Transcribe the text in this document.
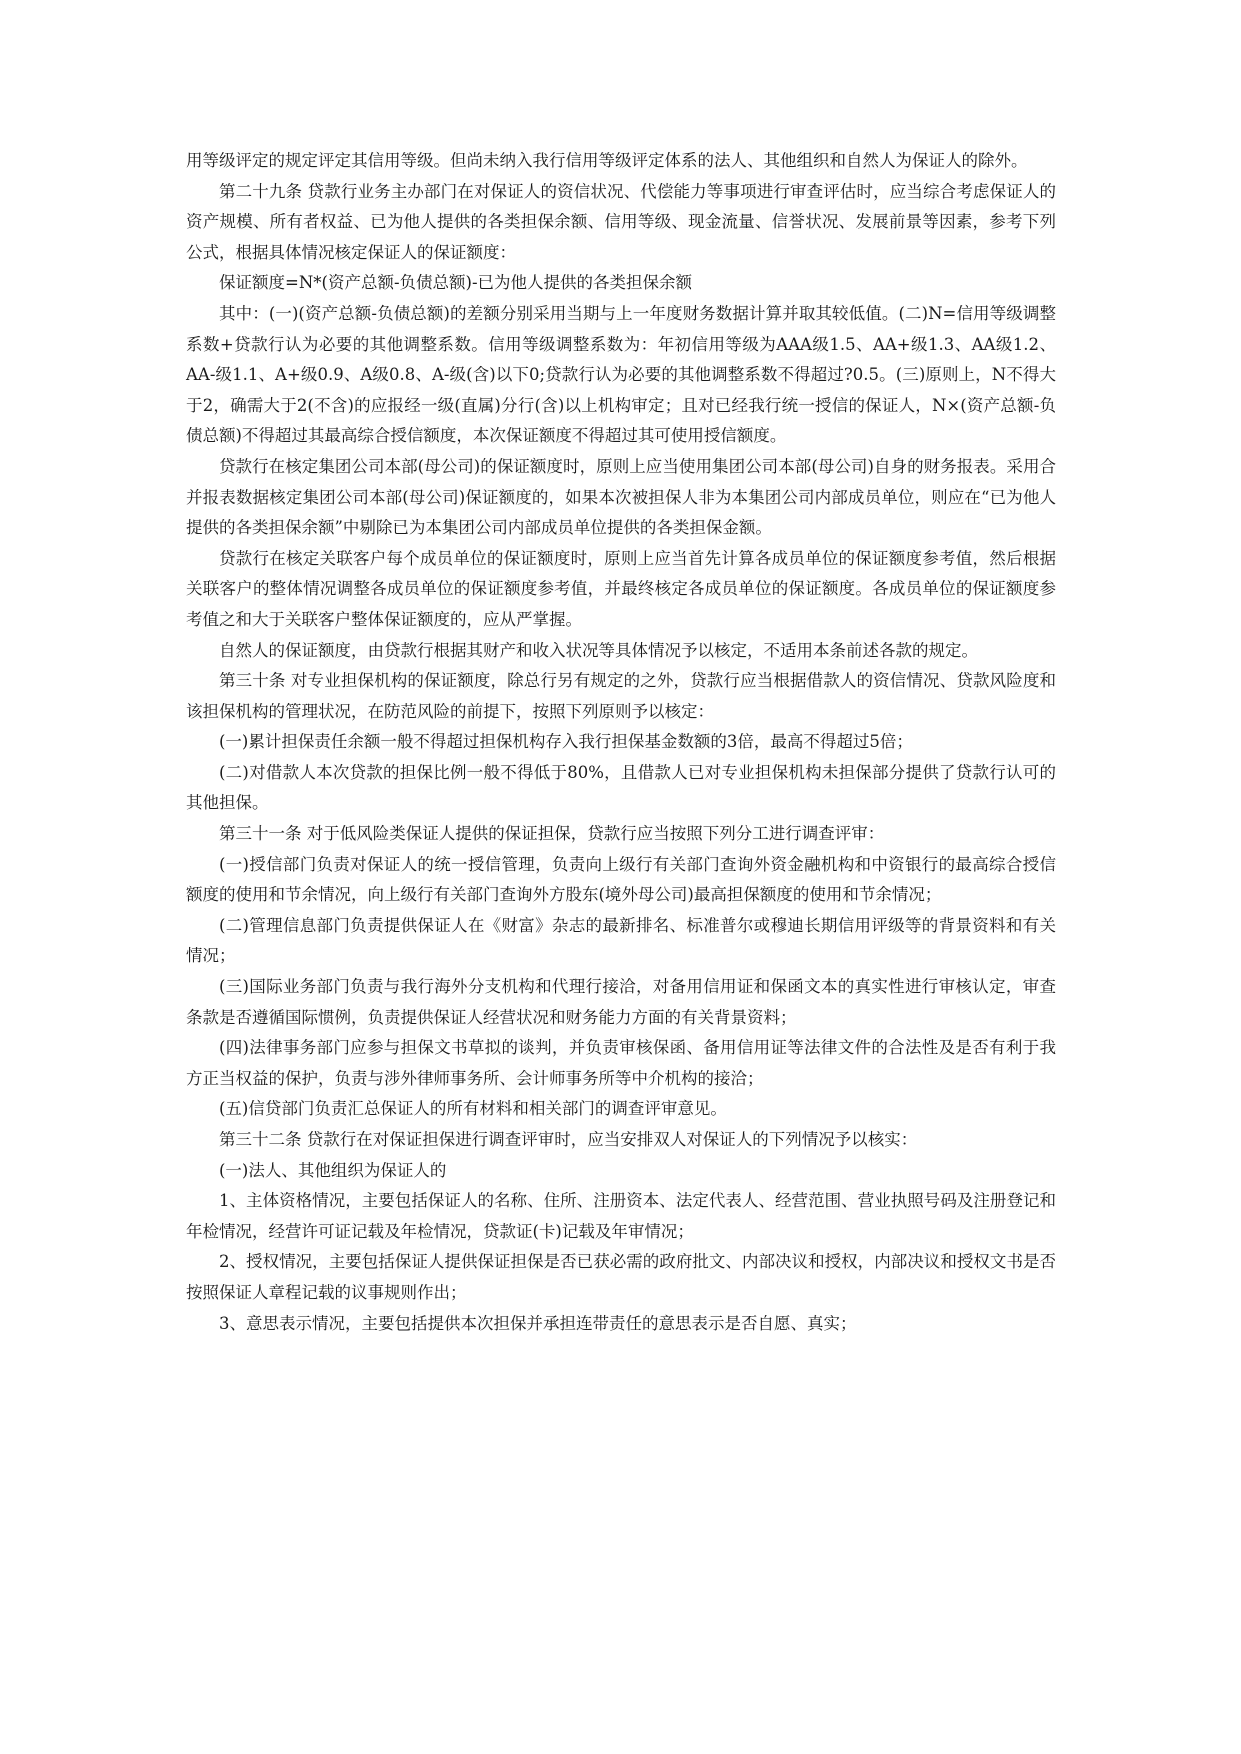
用等级评定的规定评定其信用等级。但尚未纳入我行信用等级评定体系的法人、其他组织和自然人为保证人的除外。

第二十九条 贷款行业务主办部门在对保证人的资信状况、代偿能力等事项进行审查评估时，应当综合考虑保证人的资产规模、所有者权益、已为他人提供的各类担保余额、信用等级、现金流量、信誉状况、发展前景等因素，参考下列公式，根据具体情况核定保证人的保证额度：

保证额度=N*(资产总额-负债总额)-已为他人提供的各类担保余额

其中：(一)(资产总额-负债总额)的差额分别采用当期与上一年度财务数据计算并取其较低值。(二)N=信用等级调整系数+贷款行认为必要的其他调整系数。信用等级调整系数为：年初信用等级为AAA级1.5、AA+级1.3、AA级1.2、AA-级1.1、A+级0.9、A级0.8、A-级(含)以下0;贷款行认为必要的其他调整系数不得超过?0.5。(三)原则上，N不得大于2，确需大于2(不含)的应报经一级(直属)分行(含)以上机构审定；且对已经我行统一授信的保证人，N×(资产总额-负债总额)不得超过其最高综合授信额度，本次保证额度不得超过其可使用授信额度。

贷款行在核定集团公司本部(母公司)的保证额度时，原则上应当使用集团公司本部(母公司)自身的财务报表。采用合并报表数据核定集团公司本部(母公司)保证额度的，如果本次被担保人非为本集团公司内部成员单位，则应在“已为他人提供的各类担保余额”中剔除已为本集团公司内部成员单位提供的各类担保金额。

贷款行在核定关联客户每个成员单位的保证额度时，原则上应当首先计算各成员单位的保证额度参考值，然后根据关联客户的整体情况调整各成员单位的保证额度参考值，并最终核定各成员单位的保证额度。各成员单位的保证额度参考值之和大于关联客户整体保证额度的，应从严掌握。

自然人的保证额度，由贷款行根据其财产和收入状况等具体情况予以核定，不适用本条前述各款的规定。

第三十条 对专业担保机构的保证额度，除总行另有规定的之外，贷款行应当根据借款人的资信情况、贷款风险度和该担保机构的管理状况，在防范风险的前提下，按照下列原则予以核定：

(一)累计担保责任余额一般不得超过担保机构存入我行担保基金数额的3倍，最高不得超过5倍；

(二)对借款人本次贷款的担保比例一般不得低于80%，且借款人已对专业担保机构未担保部分提供了贷款行认可的其他担保。

第三十一条 对于低风险类保证人提供的保证担保，贷款行应当按照下列分工进行调查评审：

(一)授信部门负责对保证人的统一授信管理，负责向上级行有关部门查询外资金融机构和中资银行的最高综合授信额度的使用和节余情况，向上级行有关部门查询外方股东(境外母公司)最高担保额度的使用和节余情况；

(二)管理信息部门负责提供保证人在《财富》杂志的最新排名、标准普尔或穆迪长期信用评级等的背景资料和有关情况；

(三)国际业务部门负责与我行海外分支机构和代理行接洽，对备用信用证和保函文本的真实性进行审核认定，审查条款是否遵循国际惯例，负责提供保证人经营状况和财务能力方面的有关背景资料；

(四)法律事务部门应参与担保文书草拟的谈判，并负责审核保函、备用信用证等法律文件的合法性及是否有利于我方正当权益的保护，负责与涉外律师事务所、会计师事务所等中介机构的接洽；

(五)信贷部门负责汇总保证人的所有材料和相关部门的调查评审意见。

第三十二条 贷款行在对保证担保进行调查评审时，应当安排双人对保证人的下列情况予以核实：

(一)法人、其他组织为保证人的

1、主体资格情况，主要包括保证人的名称、住所、注册资本、法定代表人、经营范围、营业执照号码及注册登记和年检情况，经营许可证记载及年检情况，贷款证(卡)记载及年审情况；

2、授权情况，主要包括保证人提供保证担保是否已获必需的政府批文、内部决议和授权，内部决议和授权文书是否按照保证人章程记载的议事规则作出；

3、意思表示情况，主要包括提供本次担保并承担连带责任的意思表示是否自愿、真实；
